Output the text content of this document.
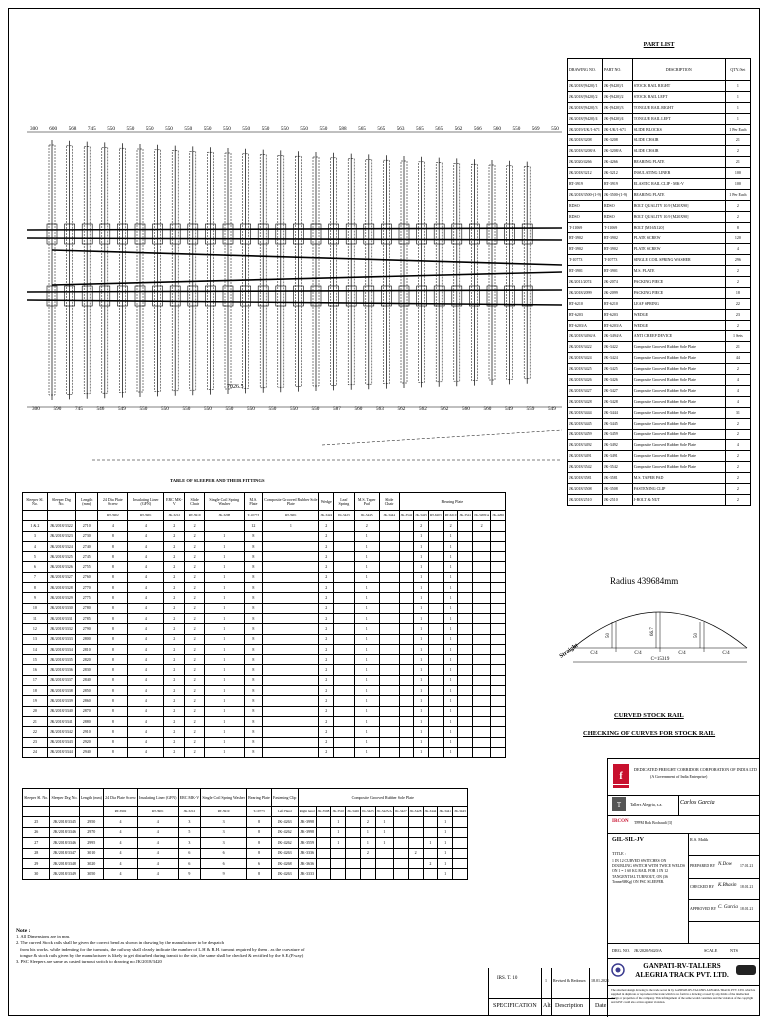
300 600 568 745 550 550 550 550 550 550 550 550 550 550 550 550 588 565 565 563 565 565 562 566 560 550 569 550
300	590	745	546	549	550	550	550	550	550	550	550	550	550	587	560	563	562	562	562	560	560	549	559	549
7026.5
PART LIST
DRAWING NO.	PART NO.	DESCRIPTION	QTY./Set
JK/2018/[9420]/1	JK-[9420]/1	STOCK RAIL RIGHT	1
JK/2018/[9420]/2	JK-[9420]/2	STOCK RAIL LEFT	1
JK/2018/[9420]/3	JK-[9420]/3	TONGUE RAIL RIGHT	1
JK/2018/[9420]/4	JK-[9420]/4	TONGUE RAIL LEFT	1
JK/2019/UK/1-671	JK-UK/1-671	SLIDE BLOCKS	1 Per Each
JK/2018/3208	JK-3208	SLIDE CHAIR	21
JK/2018/3208/A	JK-3208/A	SLIDE CHAIR	2
JK/2020/4266	JK-4266	BEARING PLATE	21
JK/2018/3212	JK-3212	INSULATING LINER	100
RT-3919	RT-3919	ELASTIC RAIL CLIP - MK-V	100
JK/2018/3500-(1-9)	JK-3500-(1-9)	BEARING PLATE	1 Per Each
RDSO	RDSO	BOLT QUALITY 10.9 [M20X90]	2
RDSO	RDSO	BOLT QUALITY 10.9 [M20X90]	2
T-11069	T-11069	BOLT [M16X120]	8
RT-3902	RT-3902	PLATE SCREW	120
RT-3902	RT-3902	PLATE SCREW	4
T-10773	T-10773	SINGLE COIL SPRING WASHER	296
RT-3901	RT-3901	M.S. PLATE	2
JK/2011/2074	JK-2074	PACKING PIECE	2
JK/2018/2099	JK-2099	PACKING PIECE	18
RT-6210	RT-6210	LEAF SPRING	22
RT-6203	RT-6203	WEDGE	23
RT-6203/A	RT-6203/A	WEDGE	2
JK/2018/3494/A	JK-3494/A	ANTI CREEP DEVICE	1 Sets
JK/2018/3422	JK-3422	Composite Grooved Rubber Sole Plate	21
JK/2018/3424	JK-3424	Composite Grooved Rubber Sole Plate	44
JK/2018/3425	JK-3425	Composite Grooved Rubber Sole Plate	2
JK/2018/3426	JK-3426	Composite Grooved Rubber Sole Plate	4
JK/2018/3427	JK-3427	Composite Grooved Rubber Sole Plate	4
JK/2018/3428	JK-3428	Composite Grooved Rubber Sole Plate	4
JK/2018/3444	JK-3444	Composite Grooved Rubber Sole Plate	31
JK/2018/3445	JK-3445	Composite Grooved Rubber Sole Plate	2
JK/2018/3459	JK-3459	Composite Grooved Rubber Sole Plate	2
JK/2018/3492	JK-3492	Composite Grooved Rubber Sole Plate	4
JK/2018/3491	JK-3491	Composite Grooved Rubber Sole Plate	2
JK/2018/3542	JK-3542	Composite Grooved Rubber Sole Plate	2
JK/2018/3581	JK-3581	M.S. TAPER PAD	2
JK/2018/3508	JK-3508	FASTENING CLIP	2
JK/2018/2510	JK-2510	J-BOLT & NUT	2
TABLE OF SLEEPER AND THEIR FITTINGS
Sleeper Sl. No.	Sleeper Drg No.	Length (mm)	24 Dia Plate Screw	Insulating Liner (GFN)	ERC MK-V	Slide Chair	Single Coil Spring Washer	M.S. Plate	Composite Grooved Rubber Sole Plate	Wedge	Leaf Spring	M.S. Taper Pad	Slide Chair	Bearing Plate						
			RT-3902	RT-3901	JK-3212	RT-3919	JK-3208	T-10773	RT-3901	JK-3424	JK-3423	JK-3445	JK-3444	JK-3542	JK-3425	RT-6203	RT-6210	JK-3541	JK-3208/A	JK-4266
1 & 2	JK/2018/3322	2710	4	4	2	2		12	1	2		2			2		2		2	
3	JK/2018/3323	2730	8	4	2	2	1	8		2		1			1		1			
4	JK/2018/3324	2740	8	4	2	2	1	8		2		1			1		1			
5	JK/2018/3325	2745	8	4	2	2	1	8		2		1			1		1			
6	JK/2018/3326	2755	8	4	2	2	1	8		2		1			1		1			
7	JK/2018/3327	2760	8	4	2	2	1	8		2		1			1		1			
8	JK/2018/3328	2770	8	4	2	2	1	8		2		1			1		1			
9	JK/2018/3329	2775	8	4	2	2	1	8		2		1			1		1			
10	JK/2018/3330	2780	8	4	2	2	1	8		2		1			1		1			
11	JK/2018/3331	2785	8	4	2	2	1	8		2		1			1		1			
12	JK/2018/3332	2790	8	4	2	2	1	8		2		1			1		1			
13	JK/2018/3333	2800	8	4	2	2	1	8		2		1			1		1			
14	JK/2018/3334	2810	8	4	2	2	1	8		2		1			1		1			
15	JK/2018/3335	2820	8	4	2	2	1	8		2		1			1		1			
16	JK/2018/3336	2830	8	4	2	2	1	8		2		1			1		1			
17	JK/2018/3337	2840	8	4	2	2	1	8		2		1			1		1			
18	JK/2018/3338	2850	8	4	2	2	1	8		2		1			1		1			
19	JK/2018/3339	2860	8	4	2	2	1	8		2		1			1		1			
20	JK/2018/3340	2870	8	4	2	2	1	8		2		1			1		1			
21	JK/2018/3341	2880	8	4	2	2	1	8		2		1			1		1			
22	JK/2018/3342	2910	8	4	2	2	1	8		2		1			1		1			
23	JK/2018/3343	2920	8	4	2	2	1	8		2		1			1		1			
24	JK/2018/3344	2940	8	4	2	2	1	8		2		1			1		1			
Sleeper Sl. No.	Sleeper Drg No.	Length (mm)	24 Dia Plate Screw	Insulating Liner (GFN)	ERC MK-V	Single Coil Spring Washer	Bearing Plate	Fastening Clip	Composite Grooved Rubber Sole Plate										
			RT-3902	RT-3901	JK-3212	RT-3919	T-10773	Left Hand	Right hand	JK-3508	JK-3510	JK-3426	JK-3425	JK-3425/A	JK-3427	JK-3428	JK-3444	JK-3441	JK-3443
25	JK/2018/3345	2950	4	4	3	3	8	JK-4263	JK-3998		1		2	1				1	
26	JK/2018/3346	2970	4	4	5	3	8	JK-4262	JK-3998		1		1	1				1	
27	JK/2018/3346	2995	4	4	3	3	8	JK-4262	JK-3559		1		1	1			1	1	
28	JK/2018/3347	3010	4	4	6	6	8	JK-4263	JK-3336				2			2		1	
29	JK/2018/3348	3020	4	4	6	6	6	JK-4268	JK-3636								2	1	
30	JK/2018/3349	3050	4	4	9	9	8	JK-4263	JK-3333									1	
Radius 439684mm
C/4	C/4	C/4	C/4
C=15319
50	66.7	50
Straight
CURVED STOCK RAIL
CHECKING OF CURVES FOR STOCK RAIL
Note :
1. All Dimensions are in mm.
2. The curved Stock rails shall be given the correct bend as shown in drawing by the manufacturer to be despatch
from his works. while indenting for the turnouts, the railway shall clearly indicate the number of L.H & R.H. turnout required by them . as the curvature of
tongue & stock rails given by the manufacturer is likely to get disturbed during transit to the site, the same shall be checked & rectified by the S.E.(P.way)
3. PSC Sleepers are same as casted turnout switch to drawing no JK/2018/3420
IRS. T. 10	1 Revised & Redrawn 18.01.2021
SPECIFICATION Alt. Description Date
f
DEDICATED FREIGHT CORRIDOR CORPORATION OF INDIA LTD
(A Government of India Enterprise)
T Tallers Alegria, s.a.	Carlos Garcia
IRCON TPPM Rok Bochaudi [3]
GIL-SIL-JV
TITLE :
1 IN 12 CURVED SWITCHES ON DOUBLING SWITCH WITH TWICE WELDS ON 1 = 1 60 KG RAIL FOR 1 IN 12 TANGENTIAL TURNOUT, ON (36 Tonne/68Kg) ON PSC SLEEPER.
R.S. Malik
PREPARED BY N.Dow 17.01.21
CHECKED BY K.Bhasin 18.01.21
APPROVED BY C. Garcia 18.01.21
DRG. NO. JK/2020/9420/A	SCALE	NTS
GANPATI-RV-TALLERS ALEGRIA TRACK PVT. LTD.
The attached design drawing is the trade secret & by GANPATI-RV-TALLERS ALEGRIA TRACK PVT. LTD. which is supplied in duplicate or reproduced the trade which is no form in a drawing or used by any thirds of the intellectual design or properties of the company. This infringement of the same would constitute and the violation of the copyright and GIST could also action against violation.
